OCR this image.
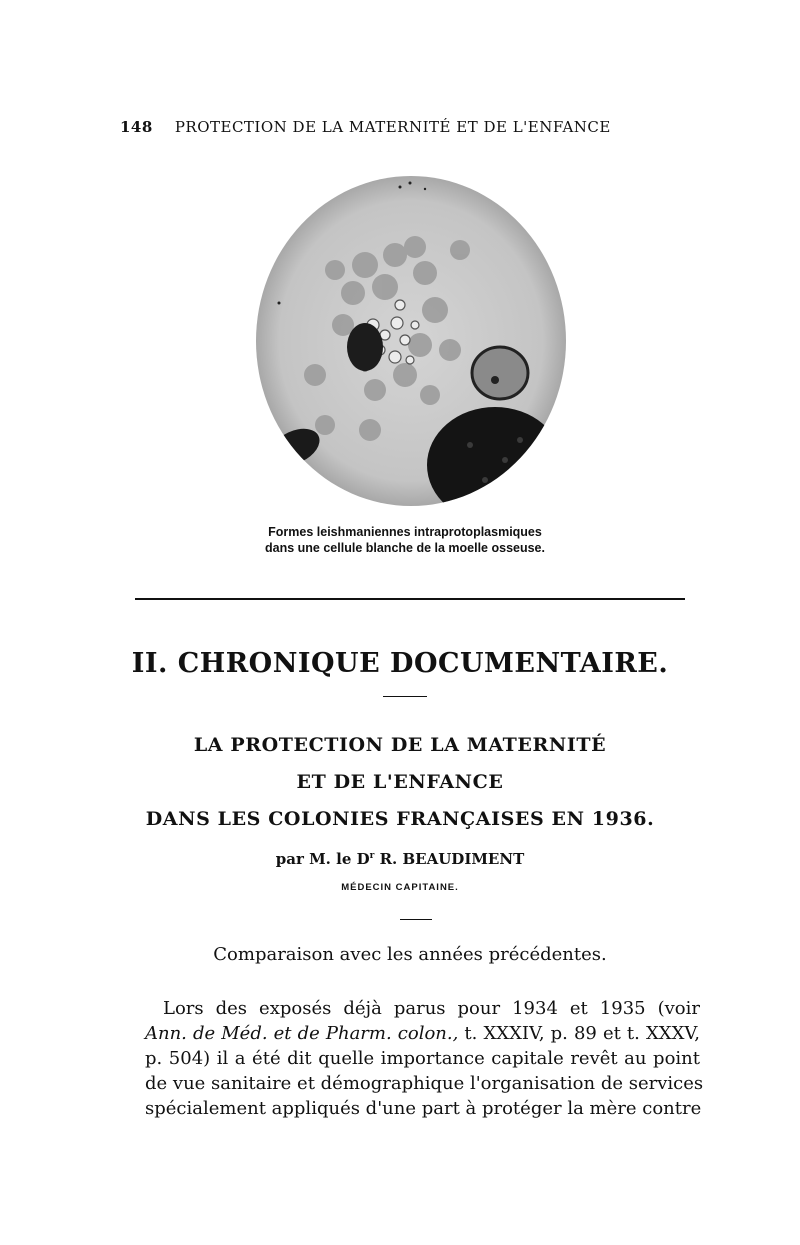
148 PROTECTION DE LA MATERNITÉ ET DE L'ENFANCE
Formes leishmaniennes intraprotoplasmiques
dans une cellule blanche de la moelle osseuse.
II. CHRONIQUE DOCUMENTAIRE.
LA PROTECTION DE LA MATERNITÉ
ET DE L'ENFANCE
DANS LES COLONIES FRANÇAISES EN 1936.
par M. le $D^r$ R. BEAUDIMENT
MÉDECIN CAPITAINE.
Comparaison avec les années précédentes.
Lors des exposés déjà parus pour 1934 et 1935 (voir
Ann. de Méd. et de Pharm. colon., t. XXXIV, p. 89 et t. XXXV,
p. 504) il a été dit quelle importance capitale revêt au point
de vue sanitaire et démographique l'organisation de services
spécialement appliqués d'une part à protéger la mère contre
